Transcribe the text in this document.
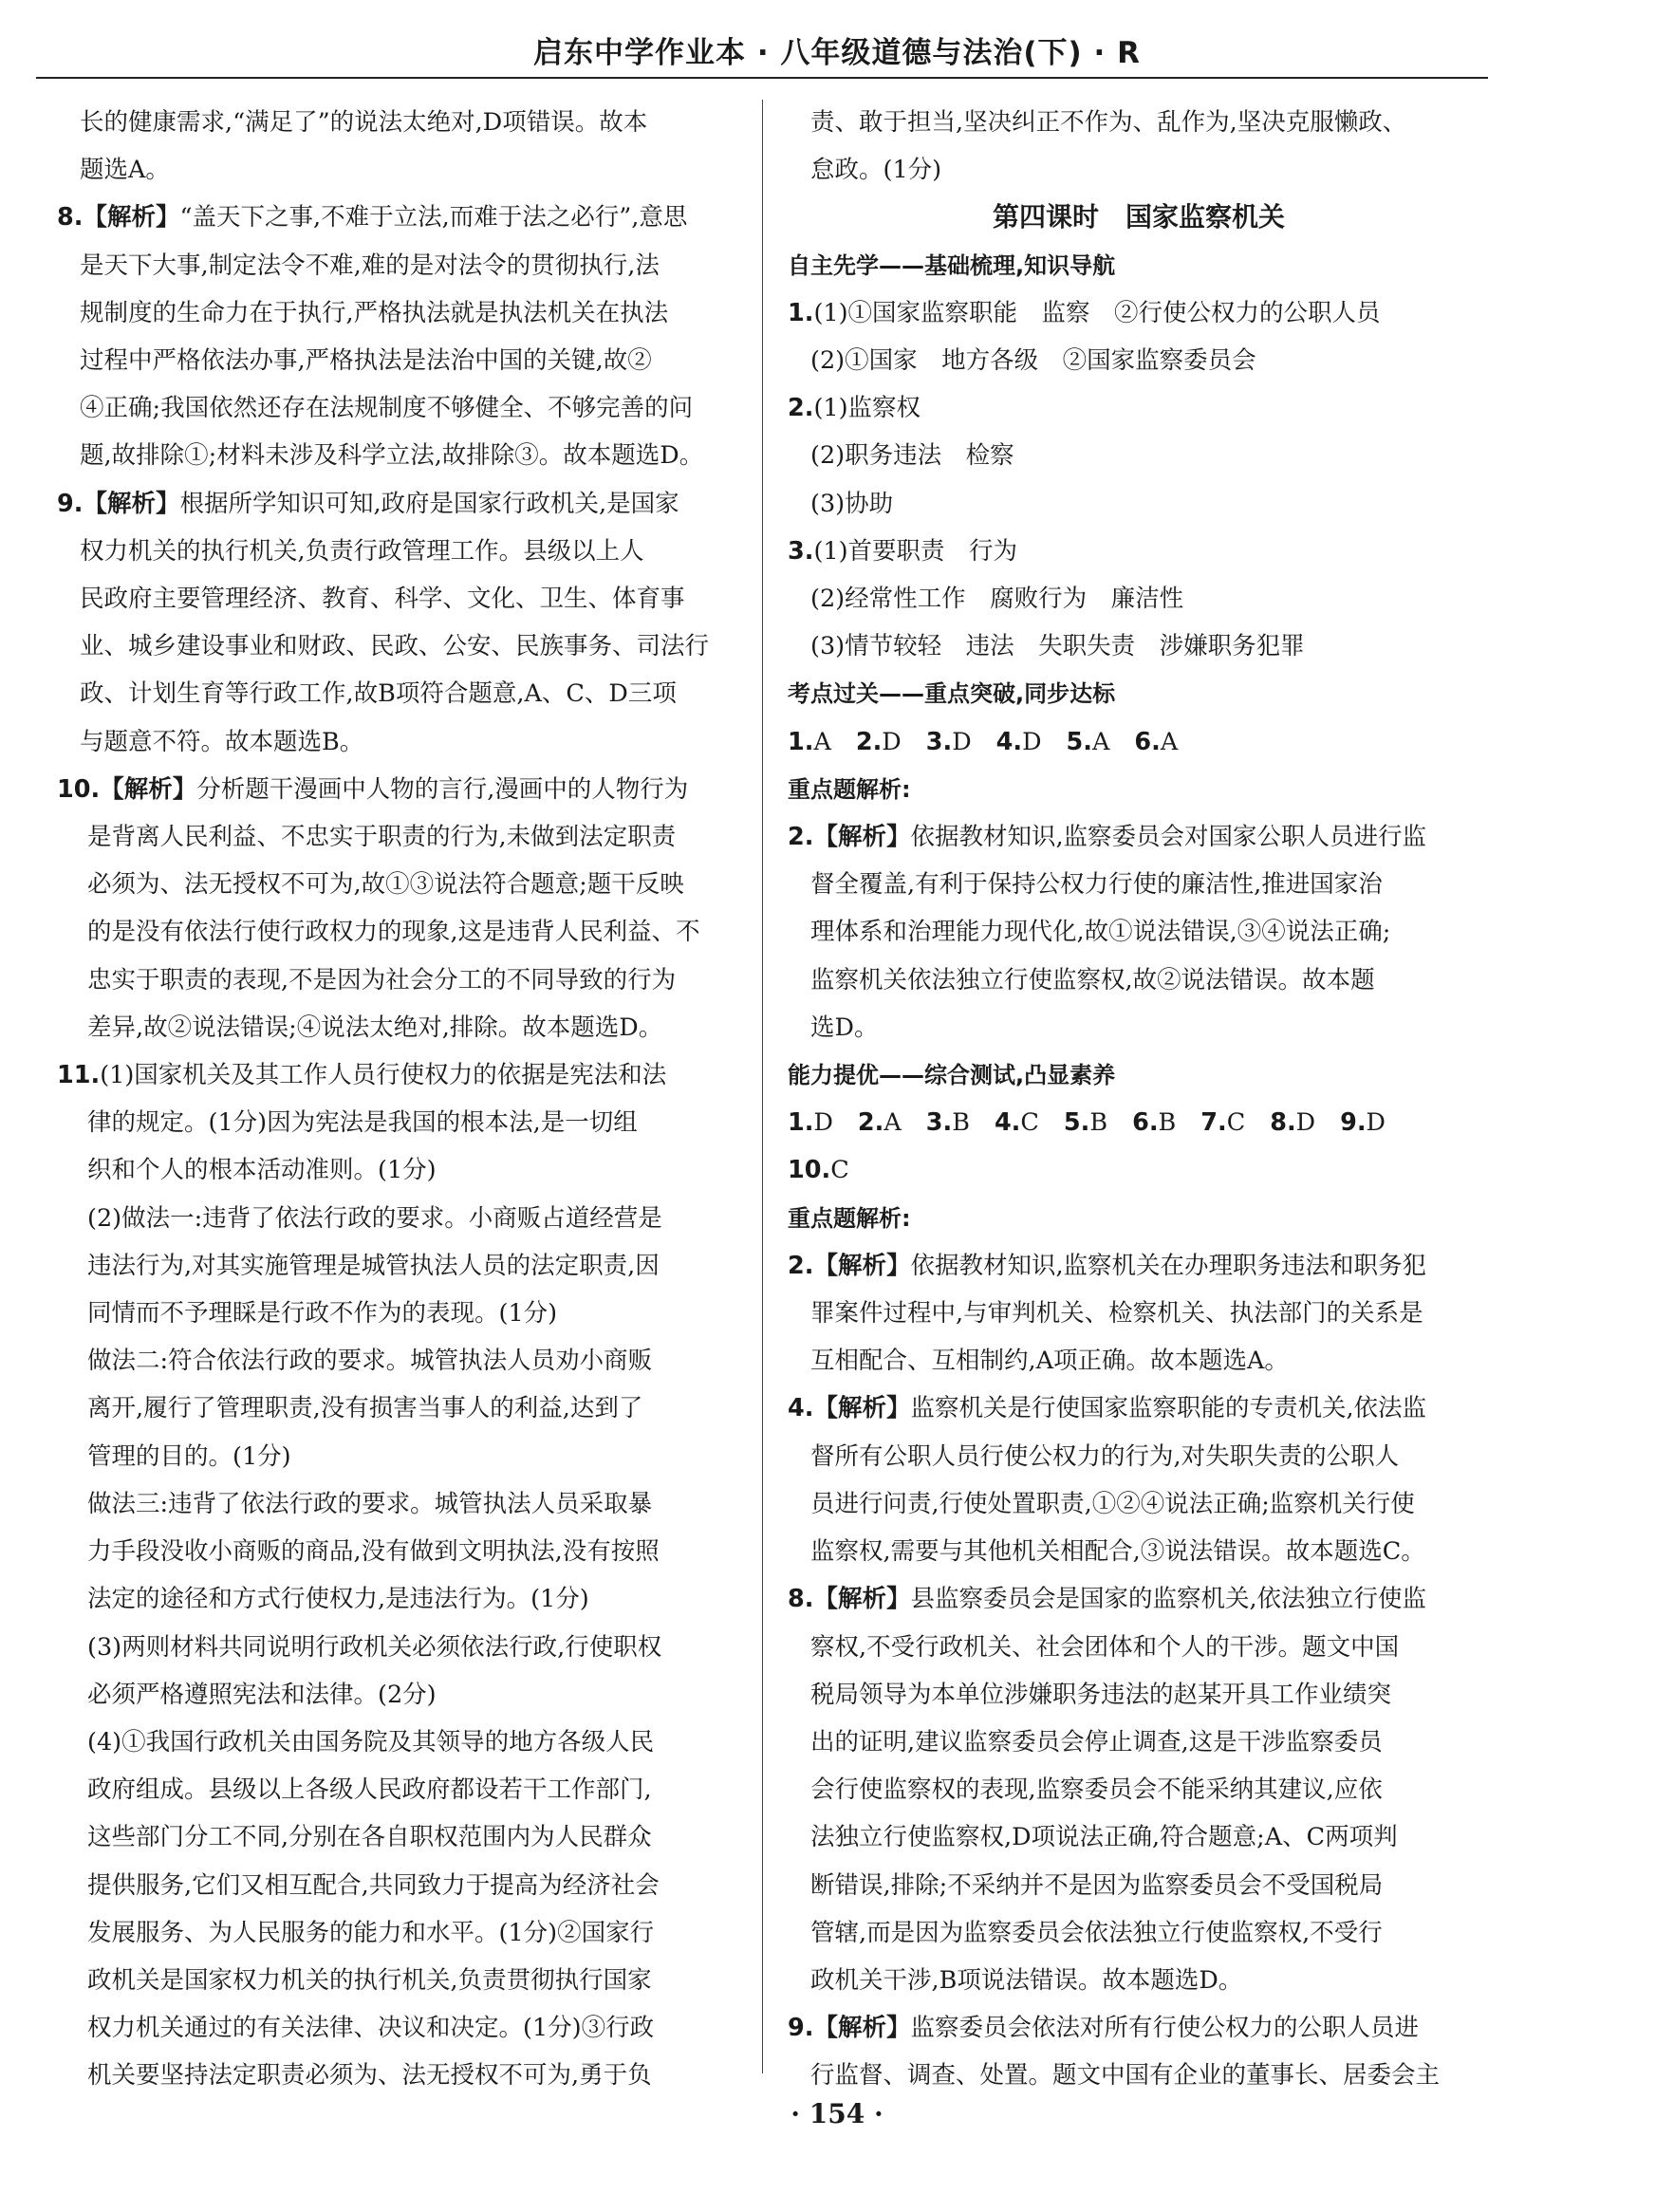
启东中学作业本 · 八年级道德与法治(下) · R

长的健康需求,“满足了”的说法太绝对,D项错误。故本

题选A。

8.【解析】“盖天下之事,不难于立法,而难于法之必行”,意思

是天下大事,制定法令不难,难的是对法令的贯彻执行,法

规制度的生命力在于执行,严格执法就是执法机关在执法

过程中严格依法办事,严格执法是法治中国的关键,故②

④正确;我国依然还存在法规制度不够健全、不够完善的问

题,故排除①;材料未涉及科学立法,故排除③。故本题选D。

9.【解析】根据所学知识可知,政府是国家行政机关,是国家

权力机关的执行机关,负责行政管理工作。县级以上人

民政府主要管理经济、教育、科学、文化、卫生、体育事

业、城乡建设事业和财政、民政、公安、民族事务、司法行

政、计划生育等行政工作,故B项符合题意,A、C、D三项

与题意不符。故本题选B。

10.【解析】分析题干漫画中人物的言行,漫画中的人物行为

是背离人民利益、不忠实于职责的行为,未做到法定职责

必须为、法无授权不可为,故①③说法符合题意;题干反映

的是没有依法行使行政权力的现象,这是违背人民利益、不

忠实于职责的表现,不是因为社会分工的不同导致的行为

差异,故②说法错误;④说法太绝对,排除。故本题选D。

11.(1)国家机关及其工作人员行使权力的依据是宪法和法

律的规定。(1分)因为宪法是我国的根本法,是一切组

织和个人的根本活动准则。(1分)

(2)做法一:违背了依法行政的要求。小商贩占道经营是

违法行为,对其实施管理是城管执法人员的法定职责,因

同情而不予理睬是行政不作为的表现。(1分)

做法二:符合依法行政的要求。城管执法人员劝小商贩

离开,履行了管理职责,没有损害当事人的利益,达到了

管理的目的。(1分)

做法三:违背了依法行政的要求。城管执法人员采取暴

力手段没收小商贩的商品,没有做到文明执法,没有按照

法定的途径和方式行使权力,是违法行为。(1分)

(3)两则材料共同说明行政机关必须依法行政,行使职权

必须严格遵照宪法和法律。(2分)

(4)①我国行政机关由国务院及其领导的地方各级人民

政府组成。县级以上各级人民政府都设若干工作部门,

这些部门分工不同,分别在各自职权范围内为人民群众

提供服务,它们又相互配合,共同致力于提高为经济社会

发展服务、为人民服务的能力和水平。(1分)②国家行

政机关是国家权力机关的执行机关,负责贯彻执行国家

权力机关通过的有关法律、决议和决定。(1分)③行政

机关要坚持法定职责必须为、法无授权不可为,勇于负

责、敢于担当,坚决纠正不作为、乱作为,坚决克服懒政、

怠政。(1分)

第四课时　国家监察机关

自主先学——基础梳理,知识导航

1.(1)①国家监察职能　监察　②行使公权力的公职人员

(2)①国家　地方各级　②国家监察委员会

2.(1)监察权

(2)职务违法　检察

(3)协助

3.(1)首要职责　行为

(2)经常性工作　腐败行为　廉洁性

(3)情节较轻　违法　失职失责　涉嫌职务犯罪

考点过关——重点突破,同步达标

1.A 2.D 3.D 4.D 5.A 6.A

重点题解析:

2.【解析】依据教材知识,监察委员会对国家公职人员进行监

督全覆盖,有利于保持公权力行使的廉洁性,推进国家治

理体系和治理能力现代化,故①说法错误,③④说法正确;

监察机关依法独立行使监察权,故②说法错误。故本题

选D。

能力提优——综合测试,凸显素养

1.D 2.A 3.B 4.C 5.B 6.B 7.C 8.D 9.D
10.C

重点题解析:

2.【解析】依据教材知识,监察机关在办理职务违法和职务犯

罪案件过程中,与审判机关、检察机关、执法部门的关系是

互相配合、互相制约,A项正确。故本题选A。

4.【解析】监察机关是行使国家监察职能的专责机关,依法监

督所有公职人员行使公权力的行为,对失职失责的公职人

员进行问责,行使处置职责,①②④说法正确;监察机关行使

监察权,需要与其他机关相配合,③说法错误。故本题选C。

8.【解析】县监察委员会是国家的监察机关,依法独立行使监

察权,不受行政机关、社会团体和个人的干涉。题文中国

税局领导为本单位涉嫌职务违法的赵某开具工作业绩突

出的证明,建议监察委员会停止调查,这是干涉监察委员

会行使监察权的表现,监察委员会不能采纳其建议,应依

法独立行使监察权,D项说法正确,符合题意;A、C两项判

断错误,排除;不采纳并不是因为监察委员会不受国税局

管辖,而是因为监察委员会依法独立行使监察权,不受行

政机关干涉,B项说法错误。故本题选D。

9.【解析】监察委员会依法对所有行使公权力的公职人员进

行监督、调查、处置。题文中国有企业的董事长、居委会主

· 154 ·
